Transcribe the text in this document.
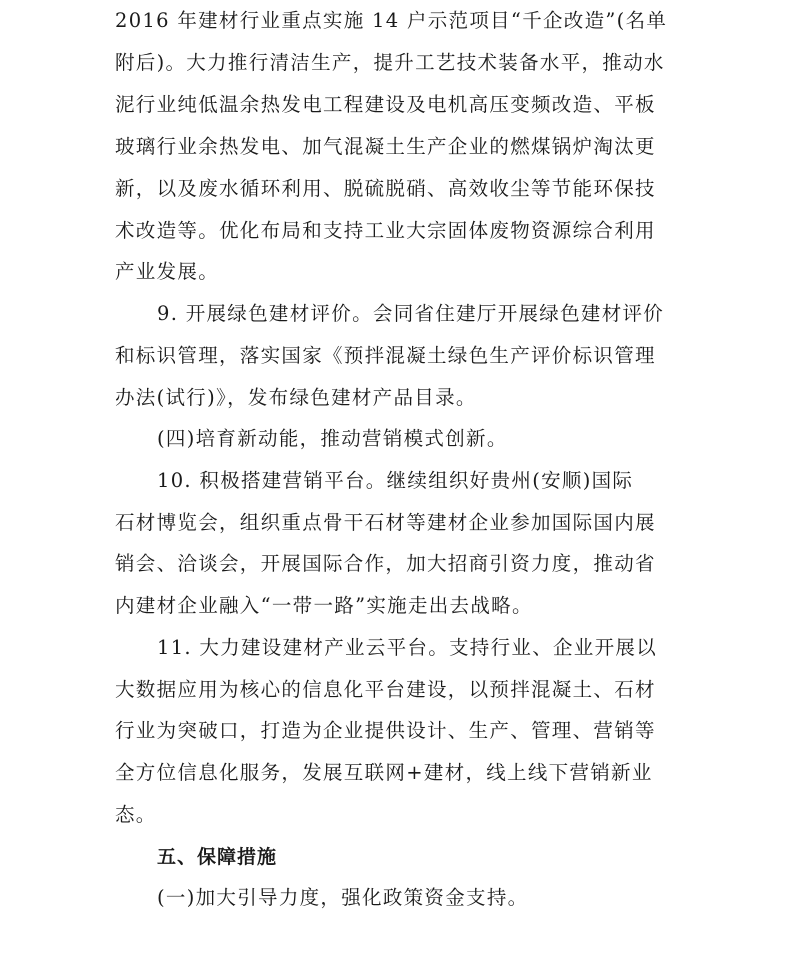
2016 年建材行业重点实施 14 户示范项目“千企改造”(名单
附后)。大力推行清洁生产，提升工艺技术装备水平，推动水
泥行业纯低温余热发电工程建设及电机高压变频改造、平板
玻璃行业余热发电、加气混凝土生产企业的燃煤锅炉淘汰更
新，以及废水循环利用、脱硫脱硝、高效收尘等节能环保技
术改造等。优化布局和支持工业大宗固体废物资源综合利用
产业发展。
9. 开展绿色建材评价。会同省住建厅开展绿色建材评价
和标识管理，落实国家《预拌混凝土绿色生产评价标识管理
办法(试行)》，发布绿色建材产品目录。
(四)培育新动能，推动营销模式创新。
10. 积极搭建营销平台。继续组织好贵州(安顺)国际
石材博览会，组织重点骨干石材等建材企业参加国际国内展
销会、洽谈会，开展国际合作，加大招商引资力度，推动省
内建材企业融入“一带一路”实施走出去战略。
11. 大力建设建材产业云平台。支持行业、企业开展以
大数据应用为核心的信息化平台建设，以预拌混凝土、石材
行业为突破口，打造为企业提供设计、生产、管理、营销等
全方位信息化服务，发展互联网+建材，线上线下营销新业
态。
五、保障措施
(一)加大引导力度，强化政策资金支持。
